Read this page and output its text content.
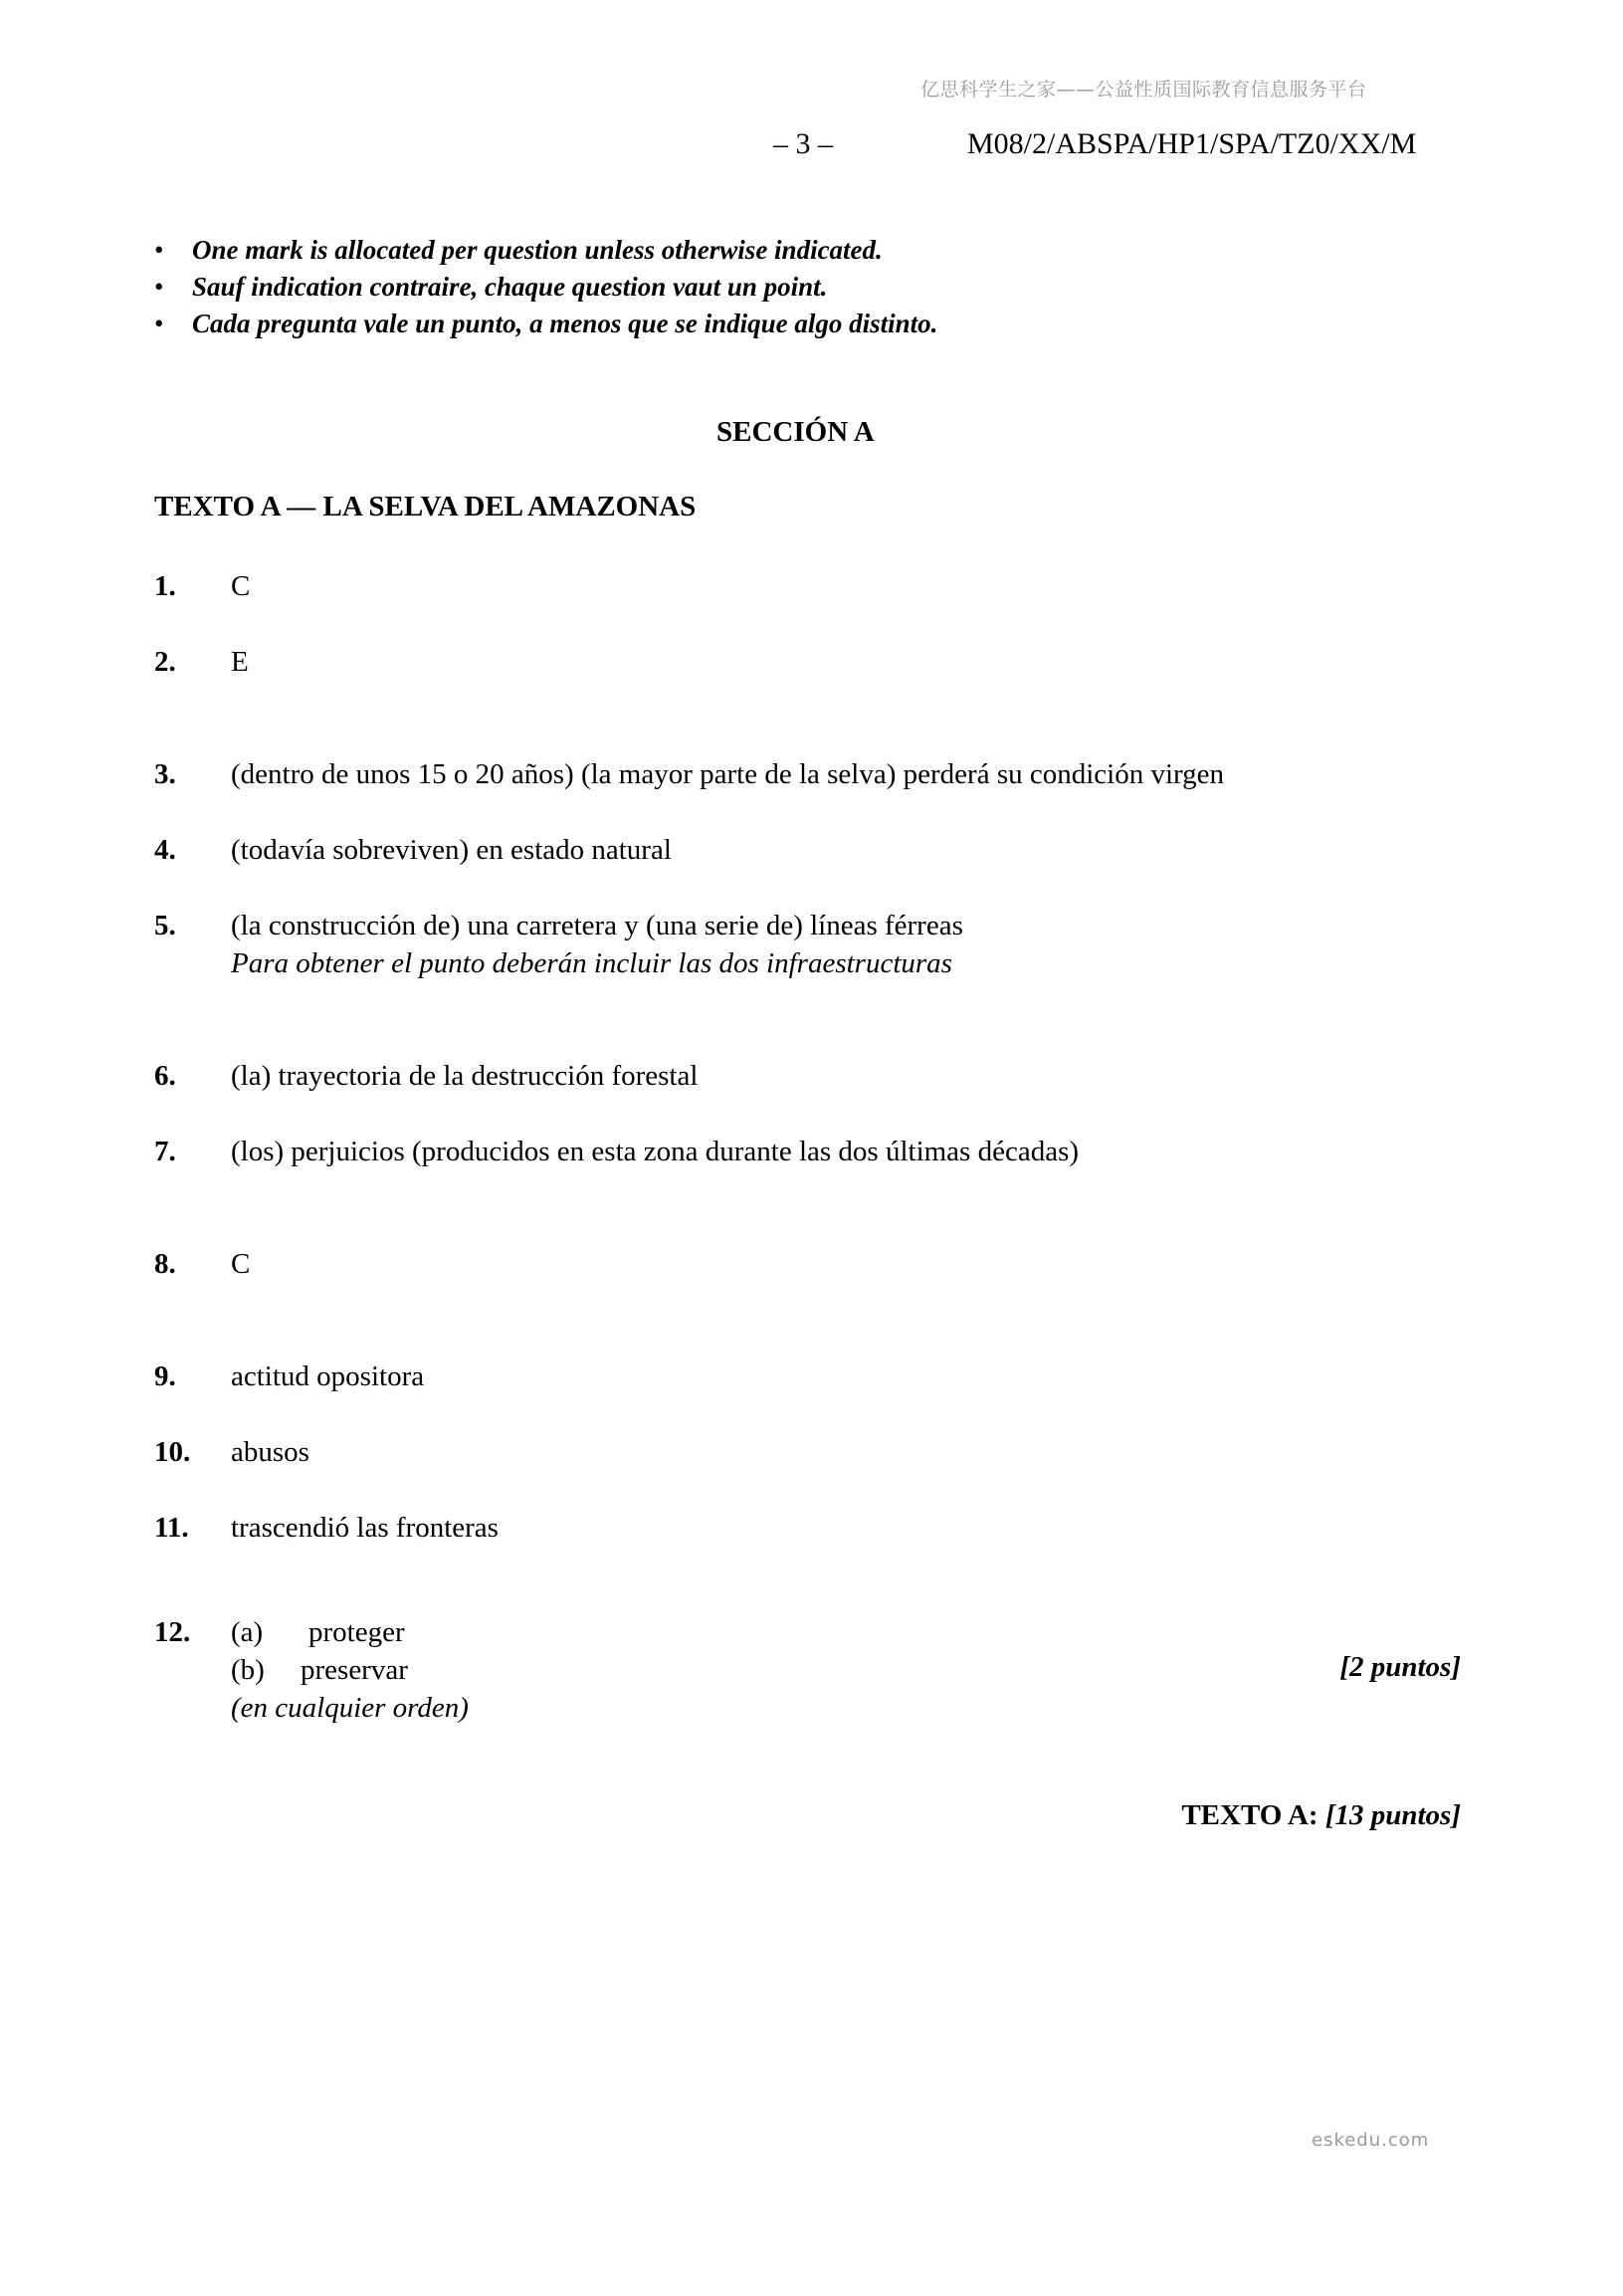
亿思科学生之家——公益性质国际教育信息服务平台
– 3 –	M08/2/ABSPA/HP1/SPA/TZ0/XX/M
• One mark is allocated per question unless otherwise indicated.
• Sauf indication contraire, chaque question vaut un point.
• Cada pregunta vale un punto, a menos que se indique algo distinto.
SECCIÓN A
TEXTO A — LA SELVA DEL AMAZONAS
1. C
2. E
3. (dentro de unos 15 o 20 años) (la mayor parte de la selva) perderá su condición virgen
4. (todavía sobreviven) en estado natural
5. (la construcción de) una carretera y (una serie de) líneas férreas
Para obtener el punto deberán incluir las dos infraestructuras
6. (la) trayectoria de la destrucción forestal
7. (los) perjuicios (producidos en esta zona durante las dos últimas décadas)
8. C
9. actitud opositora
10. abusos
11. trascendió las fronteras
12. (a) proteger
(b) preservar
(en cualquier orden)
[2 puntos]
TEXTO A: [13 puntos]
eskedu.com
